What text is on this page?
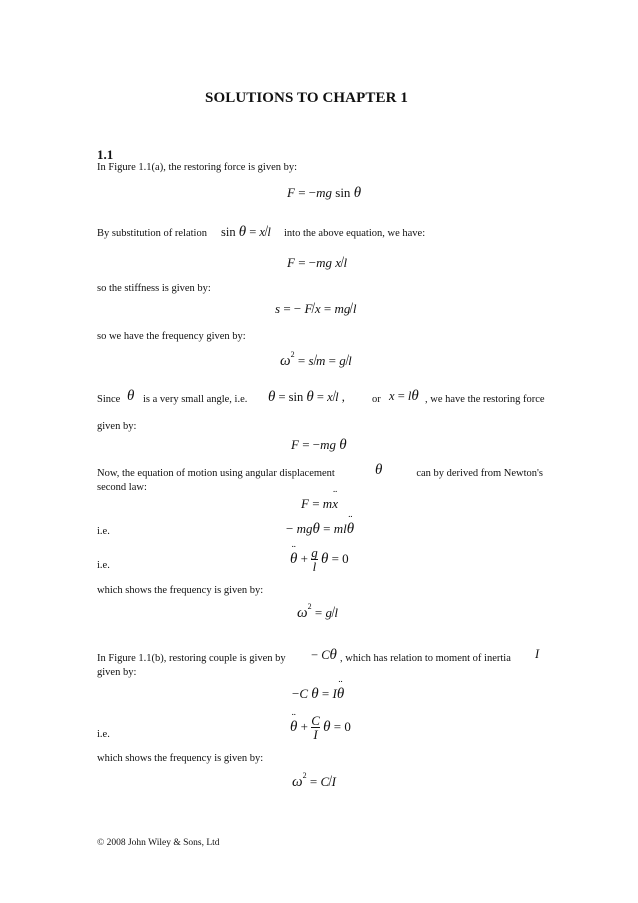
SOLUTIONS TO CHAPTER 1
1.1
In Figure 1.1(a), the restoring force is given by:
F = −mg sin θ
By substitution of relation sin θ = x/l into the above equation, we have:
F = −mg x/l
so the stiffness is given by:
s = − F/x = mg/l
so we have the frequency given by:
$\omega^2 = s/m = g/l$
Since θ is a very small angle, i.e. θ = sin θ = x/l ,	or x = lθ , we have the restoring force
given by:
F = −mg θ
Now, the equation of motion using angular displacement	θ	can by derived from Newton's
second law:
F = m¨ x
i.e.	− mgθ = ml¨ θ
i.e.	¨ $\theta + \frac{g}{l}$ θ = 0
which shows the frequency is given by:
$\omega^2 = g/l$
In Figure 1.1(b), restoring couple is given by − Cθ , which has relation to moment of inertia I
given by:
−C θ = I¨ θ
i.e.	¨ $\theta + \frac{C}{I}$ θ = 0
which shows the frequency is given by:
$\omega^2 = C/I$
© 2008 John Wiley & Sons, Ltd
